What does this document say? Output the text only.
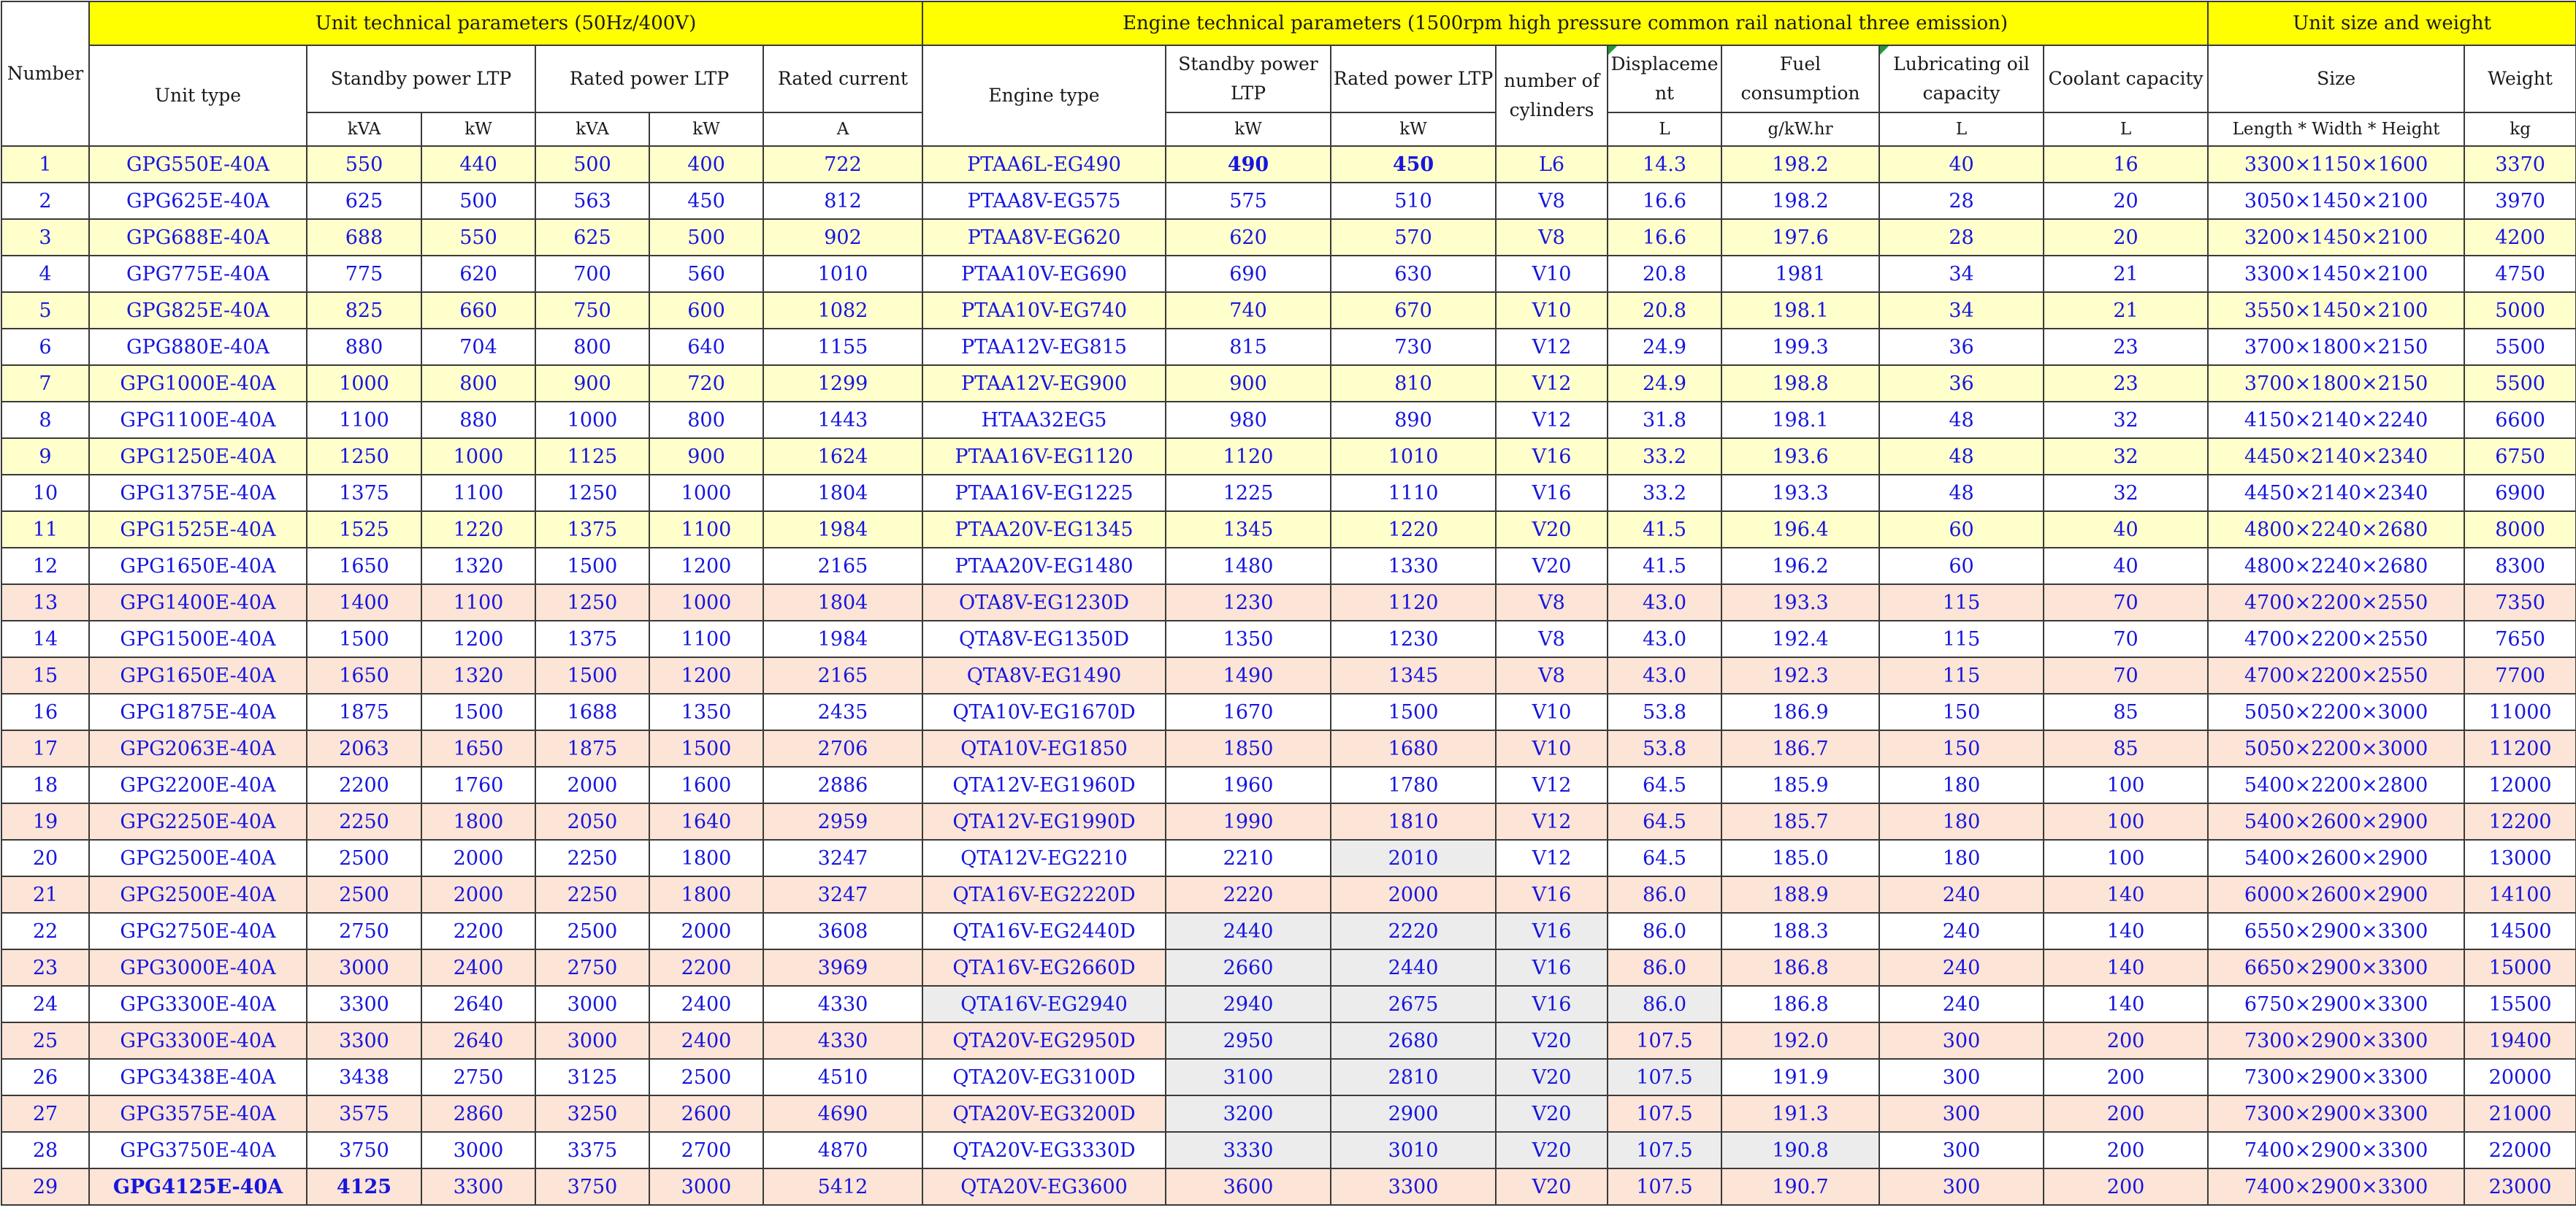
Number	Unit technical parameters (50Hz/400V)						Engine technical parameters (1500rpm high pressure common rail national three emission)								Unit size and weight	
	Unit type	Standby power LTP		Rated power LTP		Rated current	Engine type	Standby power LTP	Rated power LTP	number of cylinders	Displaceme nt	Fuel consumption	Lubricating oil capacity	Coolant capacity	Size	Weight
		kVA	kW	kVA	kW	A		kW	kW		L	g/kW.hr	L	L	Length * Width * Height	kg
1	GPG550E-40A	550	440	500	400	722	PTAA6L-EG490	490	450	L6	14.3	198.2	40	16	3300×1150×1600	3370
2	GPG625E-40A	625	500	563	450	812	PTAA8V-EG575	575	510	V8	16.6	198.2	28	20	3050×1450×2100	3970
3	GPG688E-40A	688	550	625	500	902	PTAA8V-EG620	620	570	V8	16.6	197.6	28	20	3200×1450×2100	4200
4	GPG775E-40A	775	620	700	560	1010	PTAA10V-EG690	690	630	V10	20.8	1981	34	21	3300×1450×2100	4750
5	GPG825E-40A	825	660	750	600	1082	PTAA10V-EG740	740	670	V10	20.8	198.1	34	21	3550×1450×2100	5000
6	GPG880E-40A	880	704	800	640	1155	PTAA12V-EG815	815	730	V12	24.9	199.3	36	23	3700×1800×2150	5500
7	GPG1000E-40A	1000	800	900	720	1299	PTAA12V-EG900	900	810	V12	24.9	198.8	36	23	3700×1800×2150	5500
8	GPG1100E-40A	1100	880	1000	800	1443	HTAA32EG5	980	890	V12	31.8	198.1	48	32	4150×2140×2240	6600
9	GPG1250E-40A	1250	1000	1125	900	1624	PTAA16V-EG1120	1120	1010	V16	33.2	193.6	48	32	4450×2140×2340	6750
10	GPG1375E-40A	1375	1100	1250	1000	1804	PTAA16V-EG1225	1225	1110	V16	33.2	193.3	48	32	4450×2140×2340	6900
11	GPG1525E-40A	1525	1220	1375	1100	1984	PTAA20V-EG1345	1345	1220	V20	41.5	196.4	60	40	4800×2240×2680	8000
12	GPG1650E-40A	1650	1320	1500	1200	2165	PTAA20V-EG1480	1480	1330	V20	41.5	196.2	60	40	4800×2240×2680	8300
13	GPG1400E-40A	1400	1100	1250	1000	1804	OTA8V-EG1230D	1230	1120	V8	43.0	193.3	115	70	4700×2200×2550	7350
14	GPG1500E-40A	1500	1200	1375	1100	1984	QTA8V-EG1350D	1350	1230	V8	43.0	192.4	115	70	4700×2200×2550	7650
15	GPG1650E-40A	1650	1320	1500	1200	2165	QTA8V-EG1490	1490	1345	V8	43.0	192.3	115	70	4700×2200×2550	7700
16	GPG1875E-40A	1875	1500	1688	1350	2435	QTA10V-EG1670D	1670	1500	V10	53.8	186.9	150	85	5050×2200×3000	11000
17	GPG2063E-40A	2063	1650	1875	1500	2706	QTA10V-EG1850	1850	1680	V10	53.8	186.7	150	85	5050×2200×3000	11200
18	GPG2200E-40A	2200	1760	2000	1600	2886	QTA12V-EG1960D	1960	1780	V12	64.5	185.9	180	100	5400×2200×2800	12000
19	GPG2250E-40A	2250	1800	2050	1640	2959	QTA12V-EG1990D	1990	1810	V12	64.5	185.7	180	100	5400×2600×2900	12200
20	GPG2500E-40A	2500	2000	2250	1800	3247	QTA12V-EG2210	2210	2010	V12	64.5	185.0	180	100	5400×2600×2900	13000
21	GPG2500E-40A	2500	2000	2250	1800	3247	QTA16V-EG2220D	2220	2000	V16	86.0	188.9	240	140	6000×2600×2900	14100
22	GPG2750E-40A	2750	2200	2500	2000	3608	QTA16V-EG2440D	2440	2220	V16	86.0	188.3	240	140	6550×2900×3300	14500
23	GPG3000E-40A	3000	2400	2750	2200	3969	QTA16V-EG2660D	2660	2440	V16	86.0	186.8	240	140	6650×2900×3300	15000
24	GPG3300E-40A	3300	2640	3000	2400	4330	QTA16V-EG2940	2940	2675	V16	86.0	186.8	240	140	6750×2900×3300	15500
25	GPG3300E-40A	3300	2640	3000	2400	4330	QTA20V-EG2950D	2950	2680	V20	107.5	192.0	300	200	7300×2900×3300	19400
26	GPG3438E-40A	3438	2750	3125	2500	4510	QTA20V-EG3100D	3100	2810	V20	107.5	191.9	300	200	7300×2900×3300	20000
27	GPG3575E-40A	3575	2860	3250	2600	4690	QTA20V-EG3200D	3200	2900	V20	107.5	191.3	300	200	7300×2900×3300	21000
28	GPG3750E-40A	3750	3000	3375	2700	4870	QTA20V-EG3330D	3330	3010	V20	107.5	190.8	300	200	7400×2900×3300	22000
29	GPG4125E-40A	4125	3300	3750	3000	5412	QTA20V-EG3600	3600	3300	V20	107.5	190.7	300	200	7400×2900×3300	23000
